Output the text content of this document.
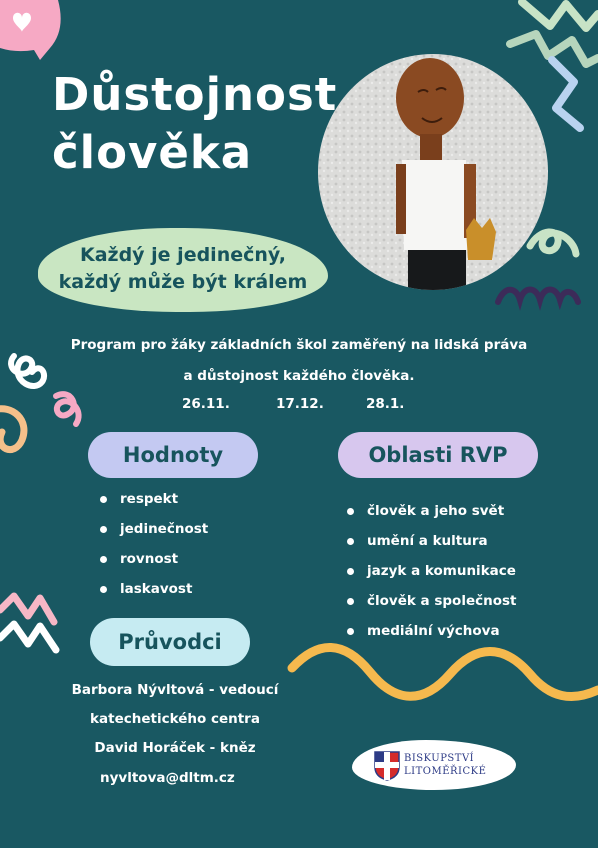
Důstojnost
člověka
Každý je jedinečný,
každý může být králem
Program pro žáky základních škol zaměřený na lidská práva
a důstojnost každého člověka.
26.11.	17.12.	28.1.
Hodnoty
respekt
jedinečnost
rovnost
laskavost
Oblasti RVP
člověk a jeho svět
umění a kultura
jazyk a komunikace
člověk a společnost
mediální výchova
Průvodci
Barbora Nývltová - vedoucí
katechetického centra
David Horáček - kněz
nyvltova@dltm.cz
BISKUPSTVÍ
LITOMĚŘICKÉ
